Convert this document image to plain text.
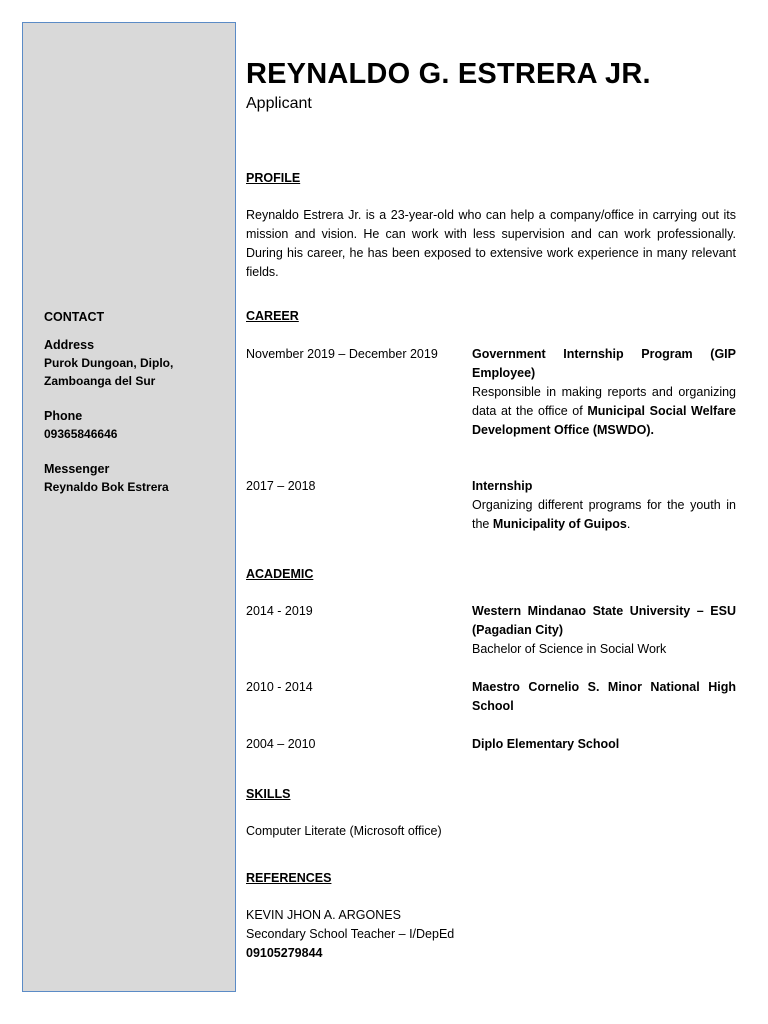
CONTACT
Address
Purok Dungoan, Diplo,
Zamboanga del Sur
Phone
09365846646
Messenger
Reynaldo Bok Estrera
REYNALDO G. ESTRERA JR.
Applicant
PROFILE
Reynaldo Estrera Jr. is a 23-year-old who can help a company/office in carrying out its mission and vision. He can work with less supervision and can work professionally. During his career, he has been exposed to extensive work experience in many relevant fields.
CAREER
November 2019 – December 2019	Government Internship Program (GIP Employee)
Responsible in making reports and organizing data at the office of Municipal Social Welfare Development Office (MSWDO).
2017 – 2018	Internship
Organizing different programs for the youth in the Municipality of Guipos.
ACADEMIC
2014 - 2019	Western Mindanao State University – ESU (Pagadian City)
Bachelor of Science in Social Work
2010 - 2014	Maestro Cornelio S. Minor National High School
2004 – 2010	Diplo Elementary School
SKILLS
Computer Literate (Microsoft office)
REFERENCES
KEVIN JHON A. ARGONES
Secondary School Teacher – I/DepEd
09105279844
